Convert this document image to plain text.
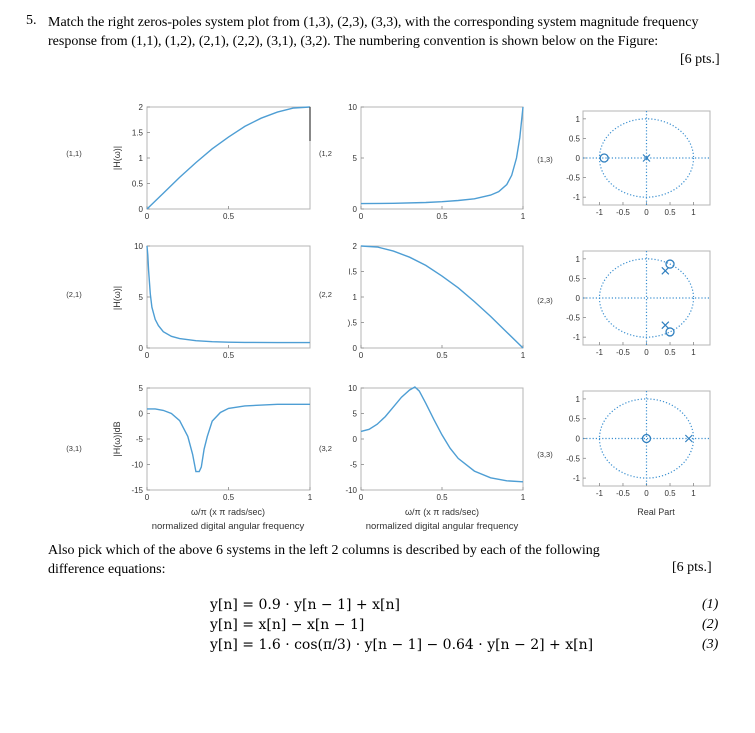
5. Match the right zeros-poles system plot from (1,3), (2,3), (3,3), with the corresponding system magnitude frequency response from (1,1), (1,2), (2,1), (2,2), (3,1), (3,2). The numbering convention is shown below on the Figure:
[6 pts.]
0
0.5
1
1.5
2
0	0.5
0
5
10
0	0.5	1
0
5
10
0	0.5
0
).5
1
l.5
2
0	0.5	1
-15
-10
-5
0
5
0	0.5	1
-10
-5
0
5
10
0	0.5	1
-1
-0.5
0
0.5
1
-1 -0.5 0 0.5 1
-1
-0.5
0
0.5
1
-1 -0.5 0 0.5 1
-1
-0.5
0
0.5
1
-1 -0.5 0 0.5 1
(1,1)	(1,2
(1,3)
(2,1)	(2,2
(2,3)
(3,1)	(3,2
(3,3)
|H(ω)|
|H(ω)|
|H(ω)|dB
ω/π (x π rads/sec)
normalized digital angular frequency
ω/π (x π rads/sec)
normalized digital angular frequency
Real Part
Also pick which of the above 6 systems in the left 2 columns is described by each of the following difference equations:	[6 pts.]
y[n] = 0.9 · y[n − 1] + x[n]	(1)
y[n] = x[n] − x[n − 1]	(2)
y[n] = 1.6 · cos(π/3) · y[n − 1] − 0.64 · y[n − 2] + x[n]	(3)
